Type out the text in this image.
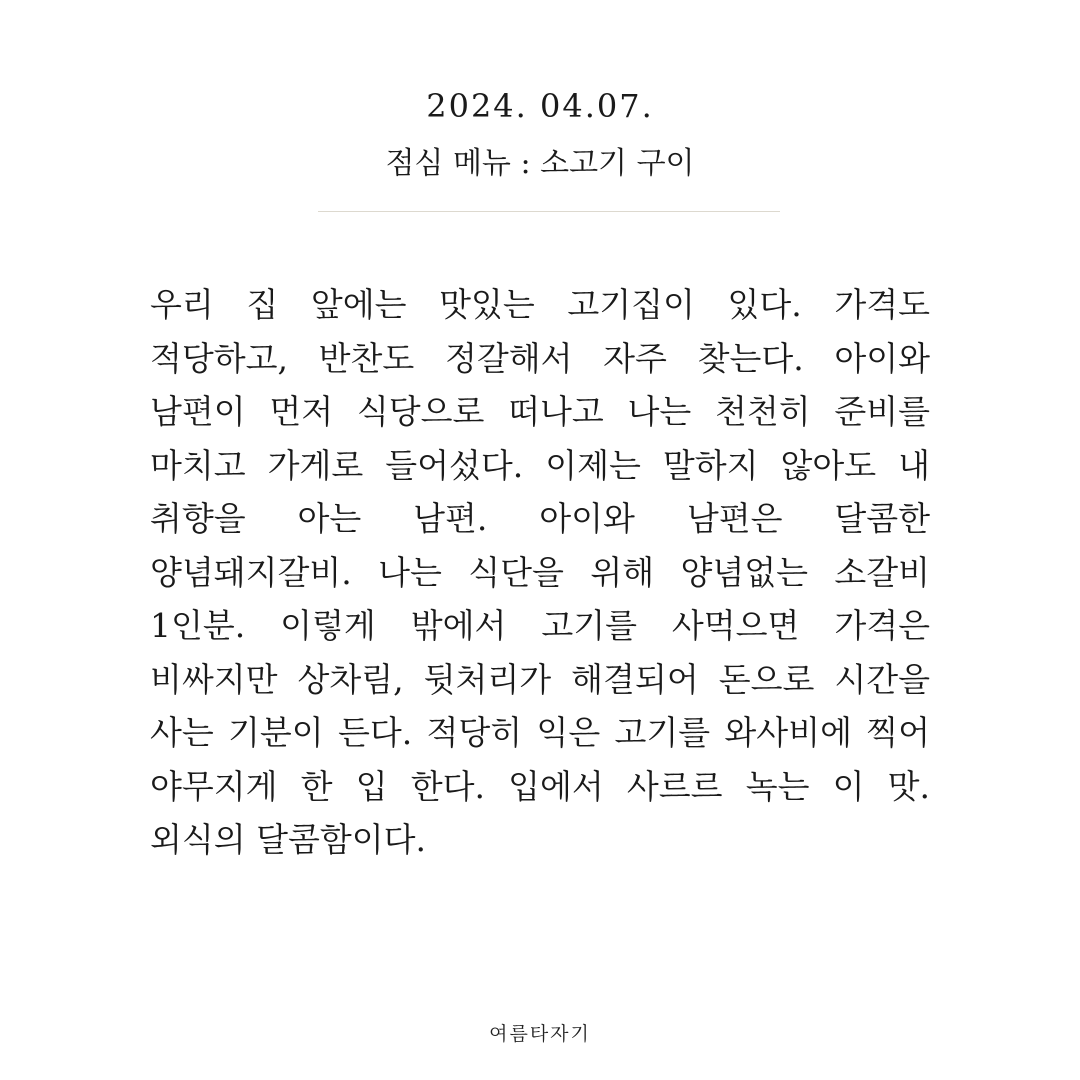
2024. 04.07.
점심 메뉴 : 소고기 구이

우리 집 앞에는 맛있는 고기집이 있다. 가격도 적당하고, 반찬도 정갈해서 자주 찾는다. 아이와 남편이 먼저 식당으로 떠나고 나는 천천히 준비를 마치고 가게로 들어섰다. 이제는 말하지 않아도 내 취향을 아는 남편. 아이와 남편은 달콤한 양념돼지갈비. 나는 식단을 위해 양념없는 소갈비 1인분. 이렇게 밖에서 고기를 사먹으면 가격은 비싸지만 상차림, 뒷처리가 해결되어 돈으로 시간을 사는 기분이 든다. 적당히 익은 고기를 와사비에 찍어 야무지게 한 입 한다. 입에서 사르르 녹는 이 맛. 외식의 달콤함이다.

여름타자기
